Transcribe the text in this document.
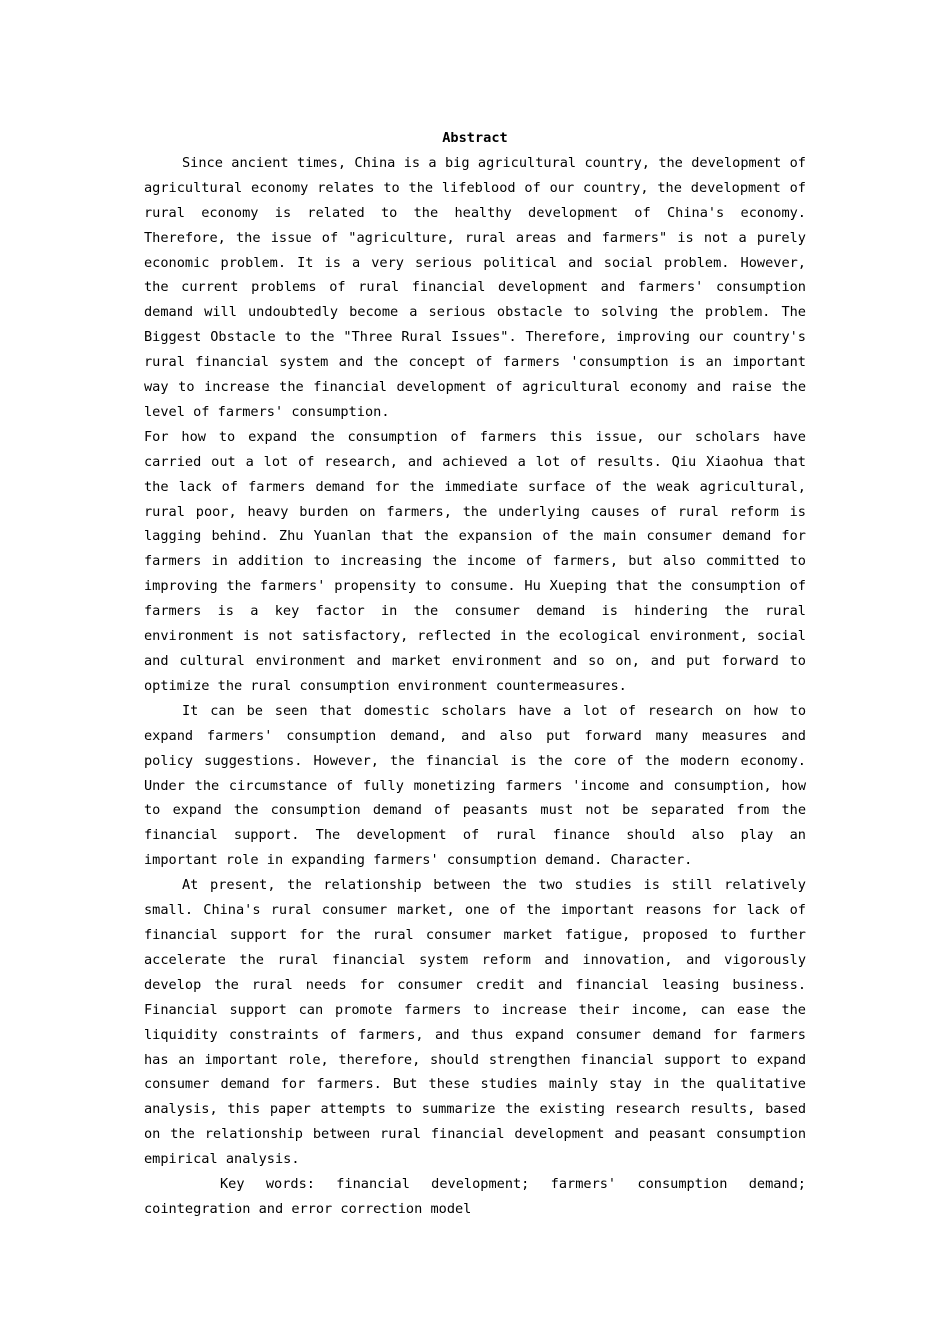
Abstract

Since ancient times, China is a big agricultural country, the development of agricultural economy relates to the lifeblood of our country, the development of rural economy is related to the healthy development of China's economy. Therefore, the issue of "agriculture, rural areas and farmers" is not a purely economic problem. It is a very serious political and social problem. However, the current problems of rural financial development and farmers' consumption demand will undoubtedly become a serious obstacle to solving the problem. The Biggest Obstacle to the "Three Rural Issues". Therefore, improving our country's rural financial system and the concept of farmers 'consumption is an important way to increase the financial development of agricultural economy and raise the level of farmers' consumption.

For how to expand the consumption of farmers this issue, our scholars have carried out a lot of research, and achieved a lot of results. Qiu Xiaohua that the lack of farmers demand for the immediate surface of the weak agricultural, rural poor, heavy burden on farmers, the underlying causes of rural reform is lagging behind. Zhu Yuanlan that the expansion of the main consumer demand for farmers in addition to increasing the income of farmers, but also committed to improving the farmers' propensity to consume. Hu Xueping that the consumption of farmers is a key factor in the consumer demand is hindering the rural environment is not satisfactory, reflected in the ecological environment, social and cultural environment and market environment and so on, and put forward to optimize the rural consumption environment countermeasures.

It can be seen that domestic scholars have a lot of research on how to expand farmers' consumption demand, and also put forward many measures and policy suggestions. However, the financial is the core of the modern economy. Under the circumstance of fully monetizing farmers 'income and consumption, how to expand the consumption demand of peasants must not be separated from the financial support. The development of rural finance should also play an important role in expanding farmers' consumption demand. Character.

At present, the relationship between the two studies is still relatively small. China's rural consumer market, one of the important reasons for lack of financial support for the rural consumer market fatigue, proposed to further accelerate the rural financial system reform and innovation, and vigorously develop the rural needs for consumer credit and financial leasing business. Financial support can promote farmers to increase their income, can ease the liquidity constraints of farmers, and thus expand consumer demand for farmers has an important role, therefore, should strengthen financial support to expand consumer demand for farmers. But these studies mainly stay in the qualitative analysis, this paper attempts to summarize the existing research results, based on the relationship between rural financial development and peasant consumption empirical analysis.

Key words: financial development; farmers' consumption demand; cointegration and error correction model
